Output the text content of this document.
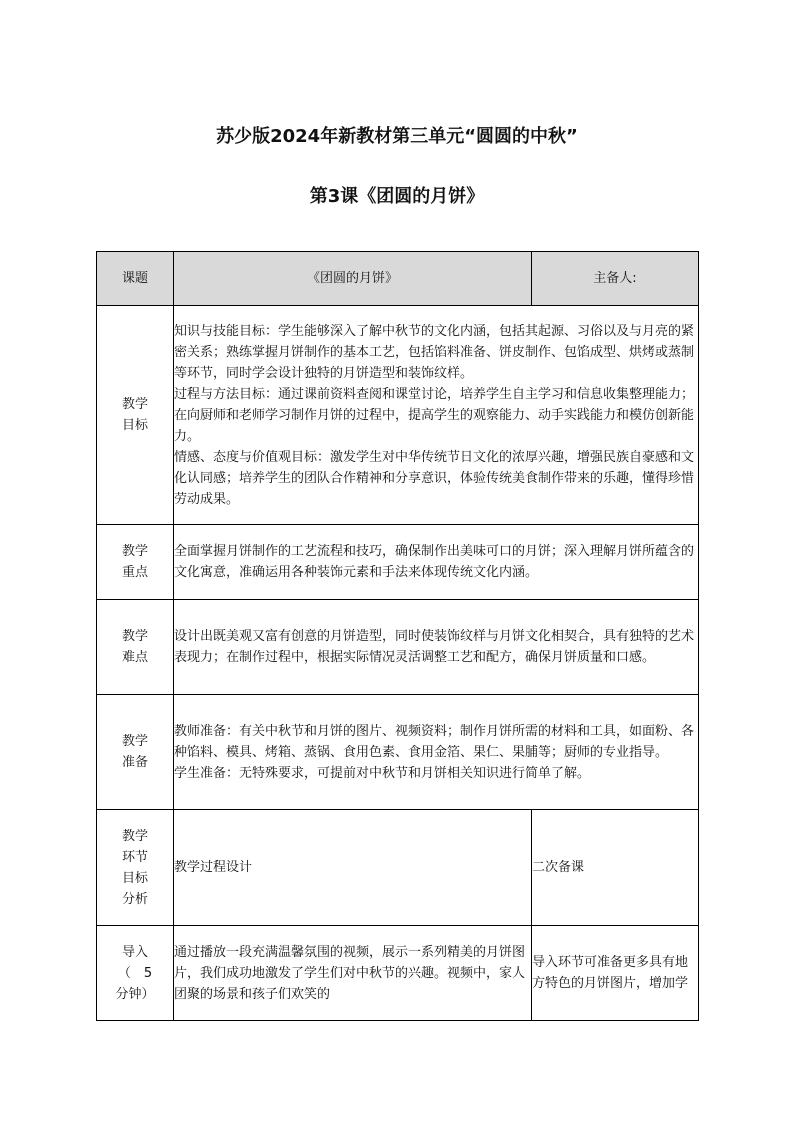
苏少版2024年新教材第三单元“圆圆的中秋”
第3课《团圆的月饼》
课题	《团圆的月饼》	主备人:

教学
目标	知识与技能目标：学生能够深入了解中秋节的文化内涵，包括其起源、习俗以及与月亮的紧密关系；熟练掌握月饼制作的基本工艺，包括馅料准备、饼皮制作、包馅成型、烘烤或蒸制等环节，同时学会设计独特的月饼造型和装饰纹样。
过程与方法目标：通过课前资料查阅和课堂讨论，培养学生自主学习和信息收集整理能力；在向厨师和老师学习制作月饼的过程中，提高学生的观察能力、动手实践能力和模仿创新能力。
情感、态度与价值观目标：激发学生对中华传统节日文化的浓厚兴趣，增强民族自豪感和文化认同感；培养学生的团队合作精神和分享意识，体验传统美食制作带来的乐趣，懂得珍惜劳动成果。	

教学
重点	全面掌握月饼制作的工艺流程和技巧，确保制作出美味可口的月饼；深入理解月饼所蕴含的文化寓意，准确运用各种装饰元素和手法来体现传统文化内涵。	

教学
难点	设计出既美观又富有创意的月饼造型，同时使装饰纹样与月饼文化相契合，具有独特的艺术表现力；在制作过程中，根据实际情况灵活调整工艺和配方，确保月饼质量和口感。	

教学
准备	教师准备：有关中秋节和月饼的图片、视频资料；制作月饼所需的材料和工具，如面粉、各种馅料、模具、烤箱、蒸锅、食用色素、食用金箔、果仁、果脯等；厨师的专业指导。
学生准备：无特殊要求，可提前对中秋节和月饼相关知识进行简单了解。	

教学
环节
目标
分析	教学过程设计	二次备课

导入
（　5
分钟）	通过播放一段充满温馨氛围的视频，展示一系列精美的月饼图片，我们成功地激发了学生们对中秋节的兴趣。视频中，家人团聚的场景和孩子们欢笑的	导入环节可准备更多具有地方特色的月饼图片，增加学
